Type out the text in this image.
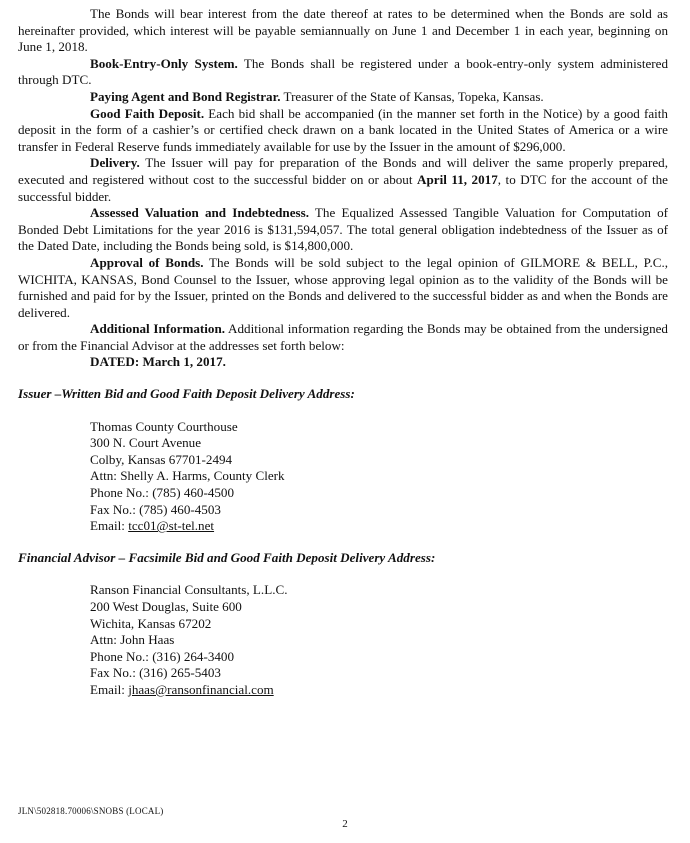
The Bonds will bear interest from the date thereof at rates to be determined when the Bonds are sold as hereinafter provided, which interest will be payable semiannually on June 1 and December 1 in each year, beginning on June 1, 2018.

Book-Entry-Only System. The Bonds shall be registered under a book-entry-only system administered through DTC.

Paying Agent and Bond Registrar. Treasurer of the State of Kansas, Topeka, Kansas.

Good Faith Deposit. Each bid shall be accompanied (in the manner set forth in the Notice) by a good faith deposit in the form of a cashier’s or certified check drawn on a bank located in the United States of America or a wire transfer in Federal Reserve funds immediately available for use by the Issuer in the amount of $296,000.

Delivery. The Issuer will pay for preparation of the Bonds and will deliver the same properly prepared, executed and registered without cost to the successful bidder on or about April 11, 2017, to DTC for the account of the successful bidder.

Assessed Valuation and Indebtedness. The Equalized Assessed Tangible Valuation for Computation of Bonded Debt Limitations for the year 2016 is $131,594,057. The total general obligation indebtedness of the Issuer as of the Dated Date, including the Bonds being sold, is $14,800,000.

Approval of Bonds. The Bonds will be sold subject to the legal opinion of GILMORE & BELL, P.C., WICHITA, KANSAS, Bond Counsel to the Issuer, whose approving legal opinion as to the validity of the Bonds will be furnished and paid for by the Issuer, printed on the Bonds and delivered to the successful bidder as and when the Bonds are delivered.

Additional Information. Additional information regarding the Bonds may be obtained from the undersigned or from the Financial Advisor at the addresses set forth below:

DATED: March 1, 2017.

Issuer –Written Bid and Good Faith Deposit Delivery Address:

Thomas County Courthouse
300 N. Court Avenue
Colby, Kansas 67701-2494
Attn: Shelly A. Harms, County Clerk
Phone No.: (785) 460-4500
Fax No.: (785) 460-4503
Email: tcc01@st-tel.net

Financial Advisor – Facsimile Bid and Good Faith Deposit Delivery Address:

Ranson Financial Consultants, L.L.C.
200 West Douglas, Suite 600
Wichita, Kansas 67202
Attn: John Haas
Phone No.: (316) 264-3400
Fax No.: (316) 265-5403
Email: jhaas@ransonfinancial.com
JLN\502818.70006\SNOBS (LOCAL)
2
